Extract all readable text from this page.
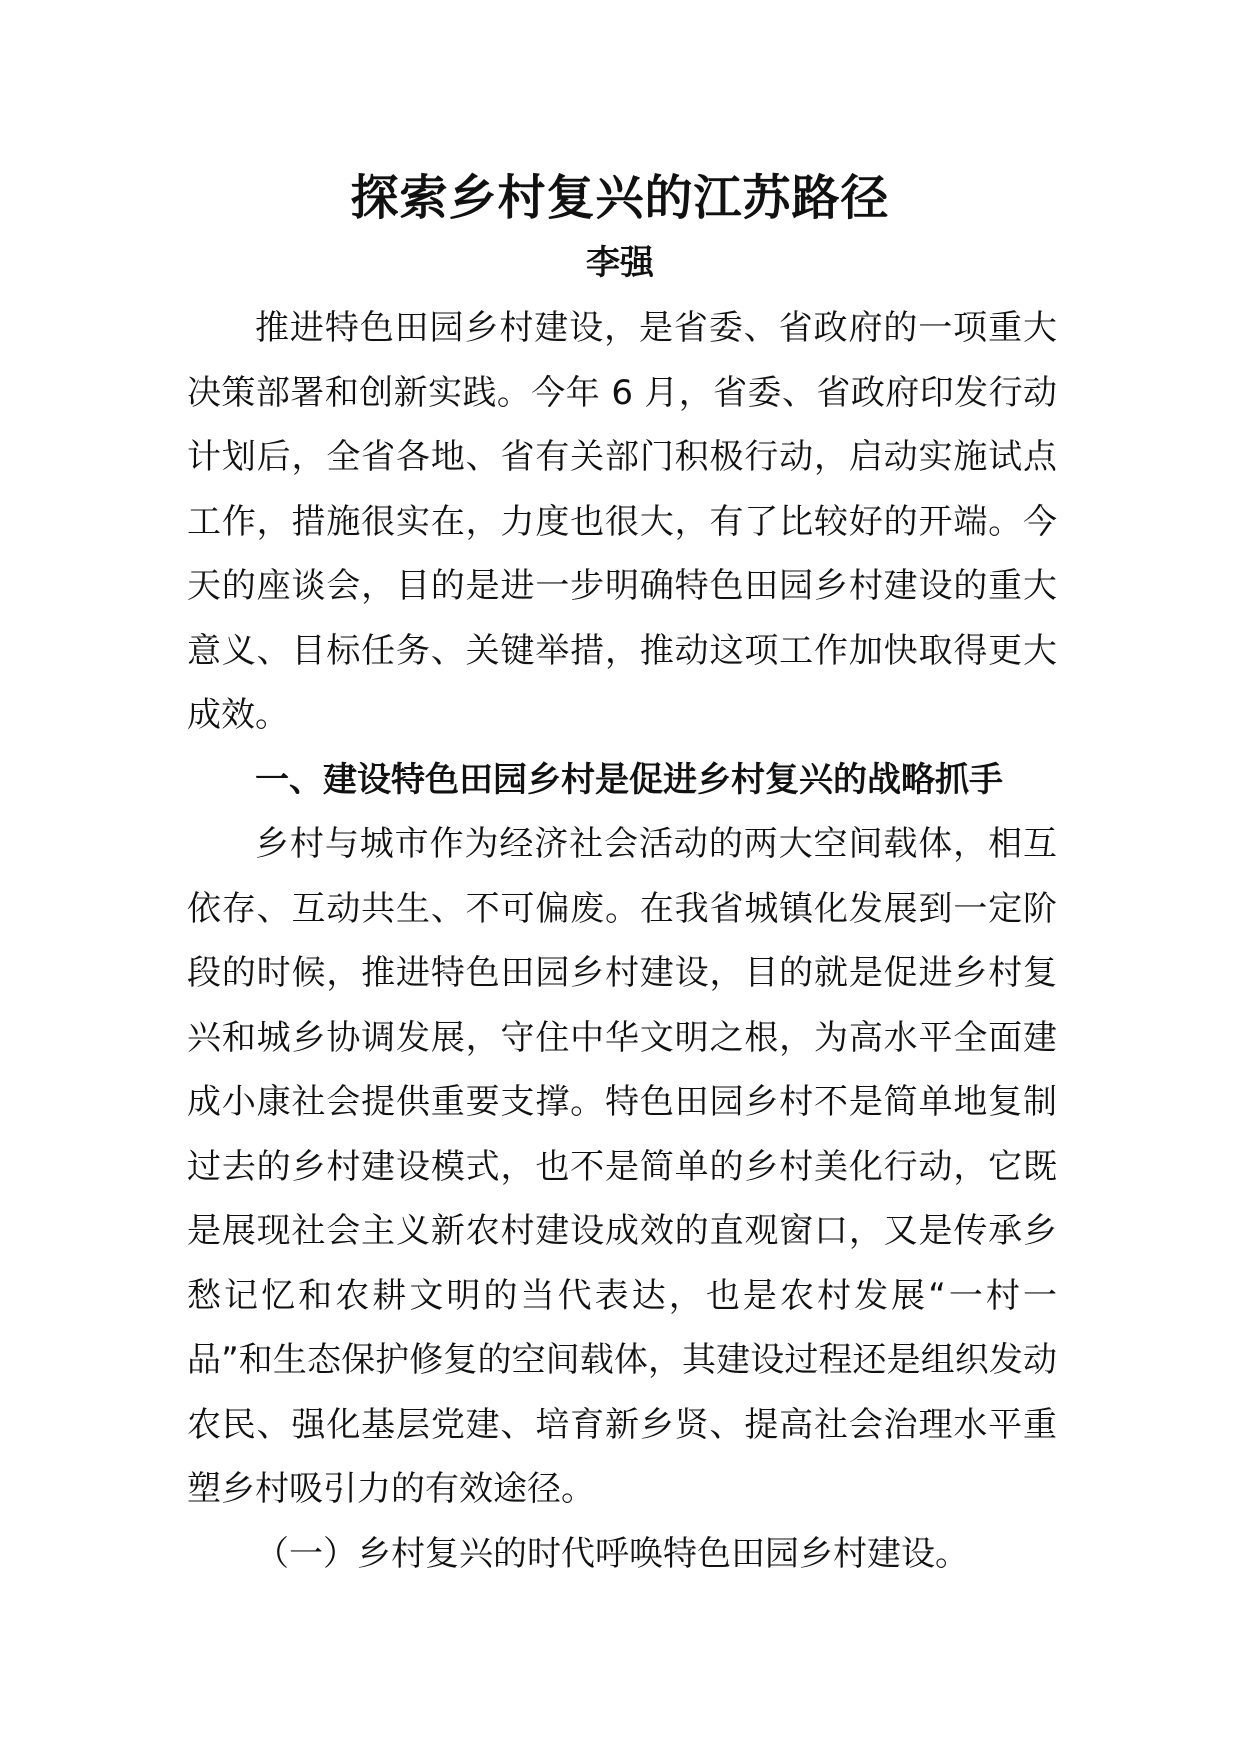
探索乡村复兴的江苏路径
李强

推进特色田园乡村建设，是省委、省政府的一项重大决策部署和创新实践。今年 6 月，省委、省政府印发行动计划后，全省各地、省有关部门积极行动，启动实施试点工作，措施很实在，力度也很大，有了比较好的开端。今天的座谈会，目的是进一步明确特色田园乡村建设的重大意义、目标任务、关键举措，推动这项工作加快取得更大成效。

一、建设特色田园乡村是促进乡村复兴的战略抓手

乡村与城市作为经济社会活动的两大空间载体，相互依存、互动共生、不可偏废。在我省城镇化发展到一定阶段的时候，推进特色田园乡村建设，目的就是促进乡村复兴和城乡协调发展，守住中华文明之根，为高水平全面建成小康社会提供重要支撑。特色田园乡村不是简单地复制过去的乡村建设模式，也不是简单的乡村美化行动，它既是展现社会主义新农村建设成效的直观窗口，又是传承乡愁记忆和农耕文明的当代表达，也是农村发展“一村一品”和生态保护修复的空间载体，其建设过程还是组织发动农民、强化基层党建、培育新乡贤、提高社会治理水平重塑乡村吸引力的有效途径。

（一）乡村复兴的时代呼唤特色田园乡村建设。
